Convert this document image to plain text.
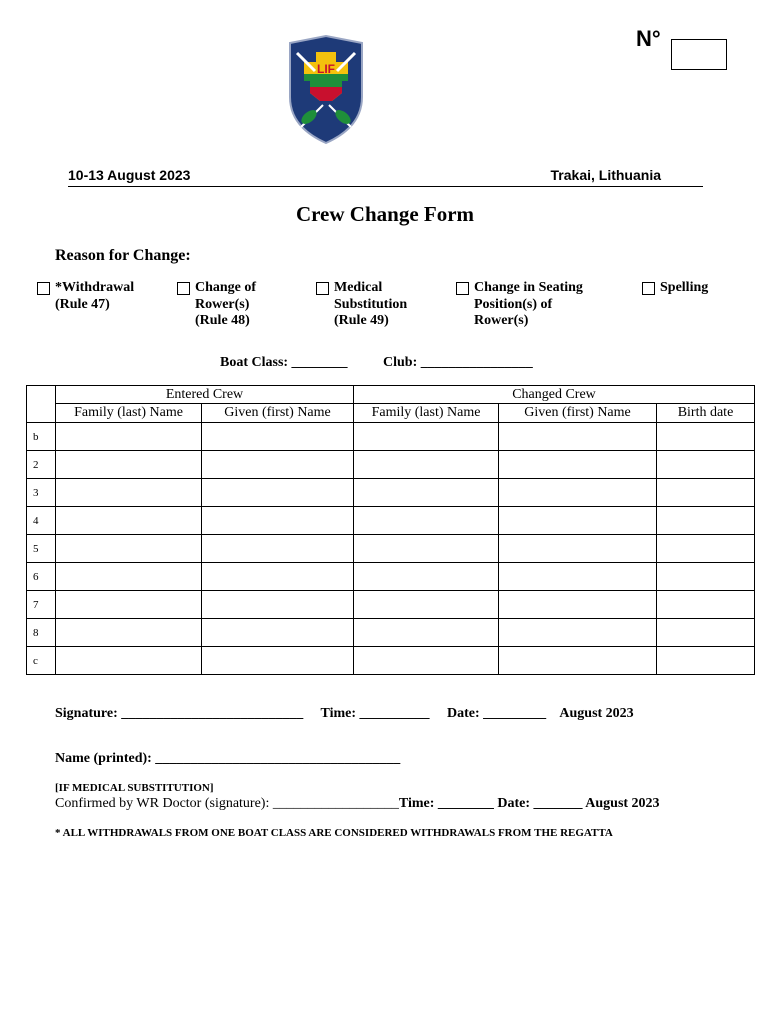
N°
LIF
10-13 August 2023	Trakai, Lithuania
Crew Change Form
Reason for Change:
*Withdrawal
(Rule 47)
Change of
Rower(s)
(Rule 48)
Medical
Substitution
(Rule 49)
Change in Seating
Position(s) of
Rower(s)
Spelling
Boat Class: ________	Club: ________________
	Entered Crew		Changed Crew		
	Family (last) Name	Given (first) Name	Family (last) Name	Given (first) Name	Birth date
b					
2					
3					
4					
5					
6					
7					
8					
c					
Signature: __________________________     Time: __________     Date: _________    August 2023
Name (printed): ___________________________________
[IF MEDICAL SUBSTITUTION]
Confirmed by WR Doctor (signature): __________________Time: ________ Date: _______ August 2023
* ALL WITHDRAWALS FROM ONE BOAT CLASS ARE CONSIDERED WITHDRAWALS FROM THE REGATTA
